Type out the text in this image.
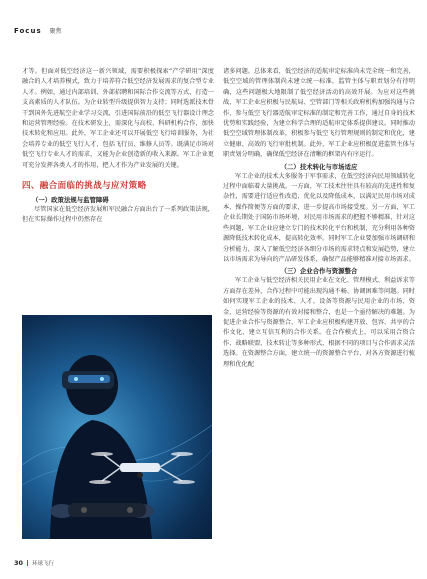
Focus 聚焦

才等。但面对低空经济这一新兴领域，需要积极探索“产学研用”深度融合的人才培养模式，致力于培养符合低空经济发展需求的复合型专业人才。例如，通过内部培训、外部招聘和国际合作交流等方式，打造一支高素质的人才队伍。为企业转型升级提供智力支持；同时选派技术骨干到国外先进航空企业学习交流，引进国际前沿的低空飞行器设计理念和运营管理经验。在技术研发上，需深化与高校、科研机构合作，加快技术转化和应用。此外，军工企业还可以开展低空飞行培训服务，为社会培养专业的低空飞行人才，包括飞行员、维修人员等。既满足市场对低空飞行专业人才的需求，又能为企业创造新的收入来源。军工企业更可充分发挥各类人才的作用，把人才作为产业发展的关键。

四、融合面临的挑战与应对策略
（一）政策法规与监管障碍

尽管国家在低空经济发展和军民融合方面出台了一系列政策法规，但在实际操作过程中仍然存在

诸多问题。总体来看，低空经济的适航审定标准尚未完全统一和完善，低空空域的管理体制尚未建立统一标准，监管主体与职责划分有待明确，这些问题极大地限制了低空经济活动的高效开展。为应对这些挑战，军工企业应积极与民航局、空管部门等相关政府机构加强沟通与合作，参与低空飞行器适航审定标准的制定和完善工作，通过自身的技术优势和实践经验，为建立科学合理的适航审定体系提供建议。同时推动低空空域管理体制改革，积极参与低空飞行管理规则的制定和优化，建立健康、高效的飞行审批机制。此外，军工企业应积极促进监管主体与职责划分明确，确保低空经济在清晰的框架内有序运行。

（二）技术转化与市场适应

军工企业的技术大多服务于军事需求，在低空经济向民用领域转化过程中面临着大量挑战。一方面，军工技术往往具有较高的先进性和复杂性，需要进行适应性改造、优化以及降低成本，以满足民用市场对成本、操作简便等方面的要求，进一步提高市场接受度。另一方面，军工企业长期处于国防市场环境，对民用市场需求的把握不够精准，针对这些问题，军工企业应建立专门的技术转化平台和机制，充分利用各种资源降低技术转化成本，提高转化效率。同时军工企业要加强市场调研和分析能力，深入了解低空经济各细分市场的需求特点和发展趋势，建立以市场需求为导向的产品研发体系，确保产品能够精准对接市场需求。

（三）企业合作与资源整合

军工企业与低空经济相关民用企业在文化、管理模式、利益诉求等方面存在差异，合作过程中可能出现沟通不畅、协调困难等问题。同时如何实现军工企业的技术、人才、设备等资源与民用企业的市场、资金、运营经验等资源的有效对接和整合，也是一个亟待解决的难题。为促进企业合作与资源整合，军工企业应积极构建开放、包容、共享的合作文化，建立互信互利的合作关系。在合作模式上，可以采用合资合作、战略联盟、技术转让等多种形式，根据不同的项目与合作需求灵活选择。在资源整合方面，建立统一的资源整合平台，对各方资源进行梳理和优化配

30 环球飞行
